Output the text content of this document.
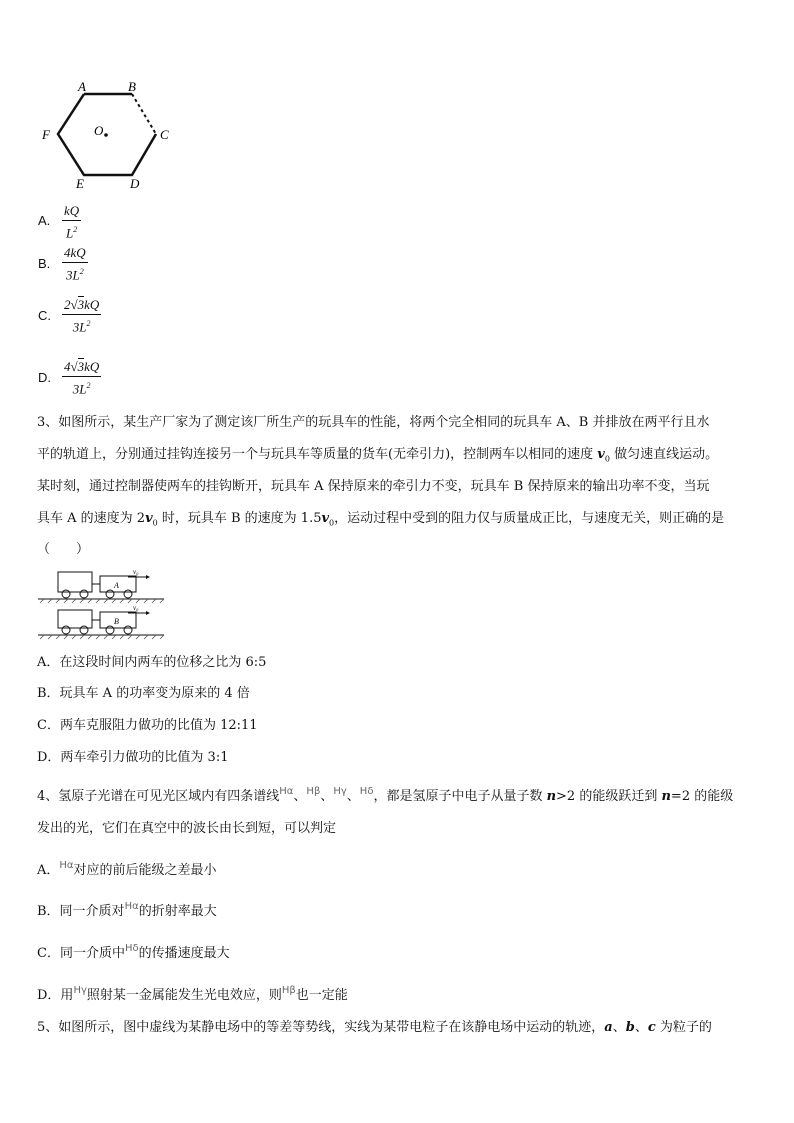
A	B
C
D
E
F	O
A.
kQ
$L^2$
B.
4kQ
$3L^2$
C.
2√3kQ
$3L^2$
D.
4√3kQ
$3L^2$
3、如图所示，某生产厂家为了测定该厂所生产的玩具车的性能，将两个完全相同的玩具车 A、B 并排放在两平行且水
平的轨道上，分别通过挂钩连接另一个与玩具车等质量的货车(无牵引力)，控制两车以相同的速度 $v_0$ 做匀速直线运动。
某时刻，通过控制器使两车的挂钩断开，玩具车 A 保持原来的牵引力不变，玩具车 B 保持原来的输出功率不变，当玩
具车 A 的速度为 $2v_0$ 时，玩具车 B 的速度为 $1.5v_0$，运动过程中受到的阻力仅与质量成正比，与速度无关，则正确的是
（　　）
A
v₀
B
v₀
A．在这段时间内两车的位移之比为 6:5
B．玩具车 A 的功率变为原来的 4 倍
C．两车克服阻力做功的比值为 12:11
D．两车牵引力做功的比值为 3:1
4、氢原子光谱在可见光区域内有四条谱线$^{H\alpha}$、$^{H\beta}$、$^{H\gamma}$、$^{H\delta}$，都是氢原子中电子从量子数 n>2 的能级跃迁到 n=2 的能级
发出的光，它们在真空中的波长由长到短，可以判定
A．$^{H\alpha}$对应的前后能级之差最小
B．同一介质对$^{H\alpha}$的折射率最大
C．同一介质中$^{H\delta}$的传播速度最大
D．用$^{H\gamma}$照射某一金属能发生光电效应，则$^{H\beta}$也一定能
5、如图所示，图中虚线为某静电场中的等差等势线，实线为某带电粒子在该静电场中运动的轨迹，a、b、c 为粒子的
